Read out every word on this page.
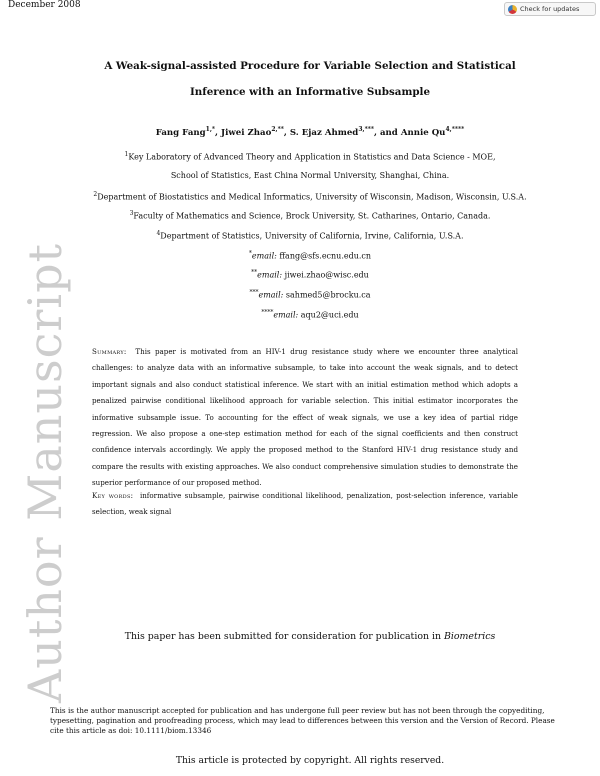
December 2008	Check for updates
Author Manuscript
A Weak-signal-assisted Procedure for Variable Selection and Statistical
Inference with an Informative Subsample
Fang Fang$^{1,*}$, Jiwei Zhao$^{2,**}$, S. Ejaz Ahmed$^{3,***}$, and Annie $Qu^{4,****}$
$^1$Key Laboratory of Advanced Theory and Application in Statistics and Data Science - MOE,
School of Statistics, East China Normal University, Shanghai, China.
$^2$Department of Biostatistics and Medical Informatics, University of Wisconsin, Madison, Wisconsin, U.S.A.
$^3$Faculty of Mathematics and Science, Brock University, St. Catharines, Ontario, Canada.
$^4$Department of Statistics, University of California, Irvine, California, U.S.A.
*email: ffang@sfs.ecnu.edu.cn
**email: jiwei.zhao@wisc.edu
***email: sahmed5@brocku.ca
****email: aqu2@uci.edu
Summary: This paper is motivated from an HIV-1 drug resistance study where we encounter three analytical challenges: to analyze data with an informative subsample, to take into account the weak signals, and to detect important signals and also conduct statistical inference. We start with an initial estimation method which adopts a penalized pairwise conditional likelihood approach for variable selection. This initial estimator incorporates the informative subsample issue. To accounting for the effect of weak signals, we use a key idea of partial ridge regression. We also propose a one-step estimation method for each of the signal coefficients and then construct confidence intervals accordingly. We apply the proposed method to the Stanford HIV-1 drug resistance study and compare the results with existing approaches. We also conduct comprehensive simulation studies to demonstrate the superior performance of our proposed method.
Key words: informative subsample, pairwise conditional likelihood, penalization, post-selection inference, variable selection, weak signal
This paper has been submitted for consideration for publication in Biometrics
This is the author manuscript accepted for publication and has undergone full peer review but has not been through the copyediting, typesetting, pagination and proofreading process, which may lead to differences between this version and the Version of Record. Please cite this article as doi: 10.1111/biom.13346
This article is protected by copyright. All rights reserved.
